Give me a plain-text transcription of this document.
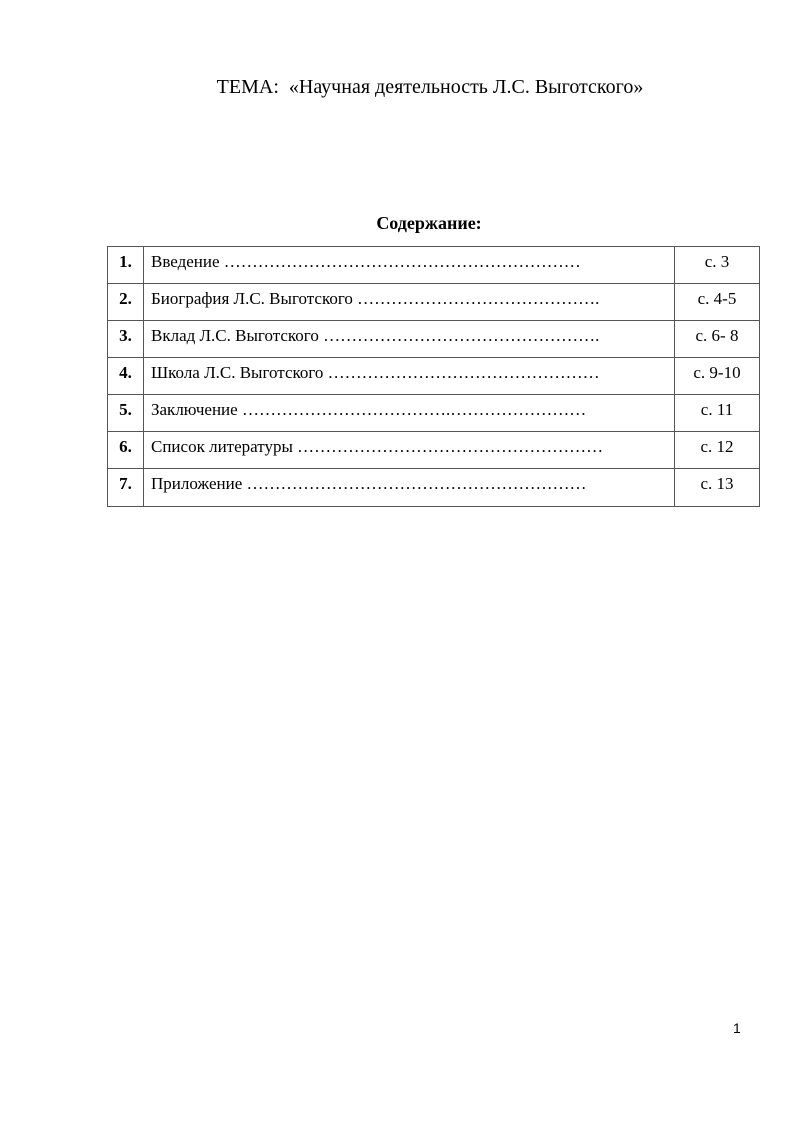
ТЕМА:  «Научная деятельность Л.С. Выготского»
Содержание:
1.	Введение ………………………………………………………	с. 3
2.	Биография Л.С. Выготского …………………………………….	с. 4-5
3.	Вклад Л.С. Выготского ………………………………………….	с. 6- 8
4.	Школа Л.С. Выготского …………………………………………	с. 9-10
5.	Заключение ……………………………….……………………	с. 11
6.	Список литературы ………………………………………………	с. 12
7.	Приложение ……………………………………………………	с. 13
1
